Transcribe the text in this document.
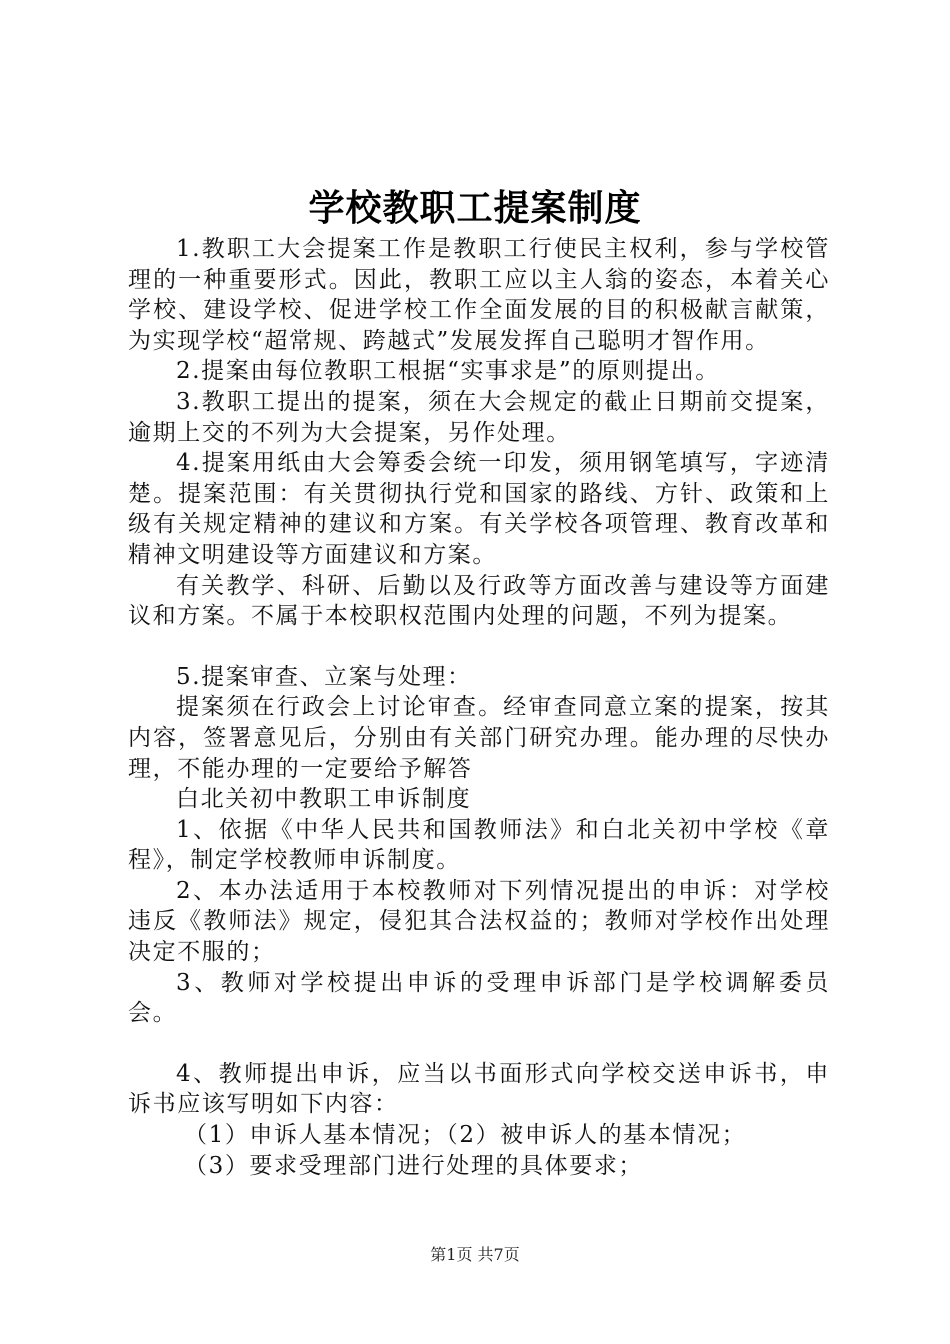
学校教职工提案制度

1.教职工大会提案工作是教职工行使民主权利，参与学校管理的一种重要形式。因此，教职工应以主人翁的姿态，本着关心学校、建设学校、促进学校工作全面发展的目的积极献言献策，为实现学校“超常规、跨越式”发展发挥自己聪明才智作用。

2.提案由每位教职工根据“实事求是”的原则提出。

3.教职工提出的提案，须在大会规定的截止日期前交提案，逾期上交的不列为大会提案，另作处理。

4.提案用纸由大会筹委会统一印发，须用钢笔填写，字迹清楚。提案范围：有关贯彻执行党和国家的路线、方针、政策和上级有关规定精神的建议和方案。有关学校各项管理、教育改革和精神文明建设等方面建议和方案。

有关教学、科研、后勤以及行政等方面改善与建设等方面建议和方案。不属于本校职权范围内处理的问题，不列为提案。

5.提案审查、立案与处理：

提案须在行政会上讨论审查。经审查同意立案的提案，按其内容，签署意见后，分别由有关部门研究办理。能办理的尽快办理，不能办理的一定要给予解答

白北关初中教职工申诉制度

1、依据《中华人民共和国教师法》和白北关初中学校《章程》，制定学校教师申诉制度。

2、本办法适用于本校教师对下列情况提出的申诉：对学校违反《教师法》规定，侵犯其合法权益的；教师对学校作出处理决定不服的；

3、教师对学校提出申诉的受理申诉部门是学校调解委员会。

4、教师提出申诉，应当以书面形式向学校交送申诉书，申诉书应该写明如下内容：

（1）申诉人基本情况；（2）被申诉人的基本情况；

（3）要求受理部门进行处理的具体要求；

第1页 共7页
